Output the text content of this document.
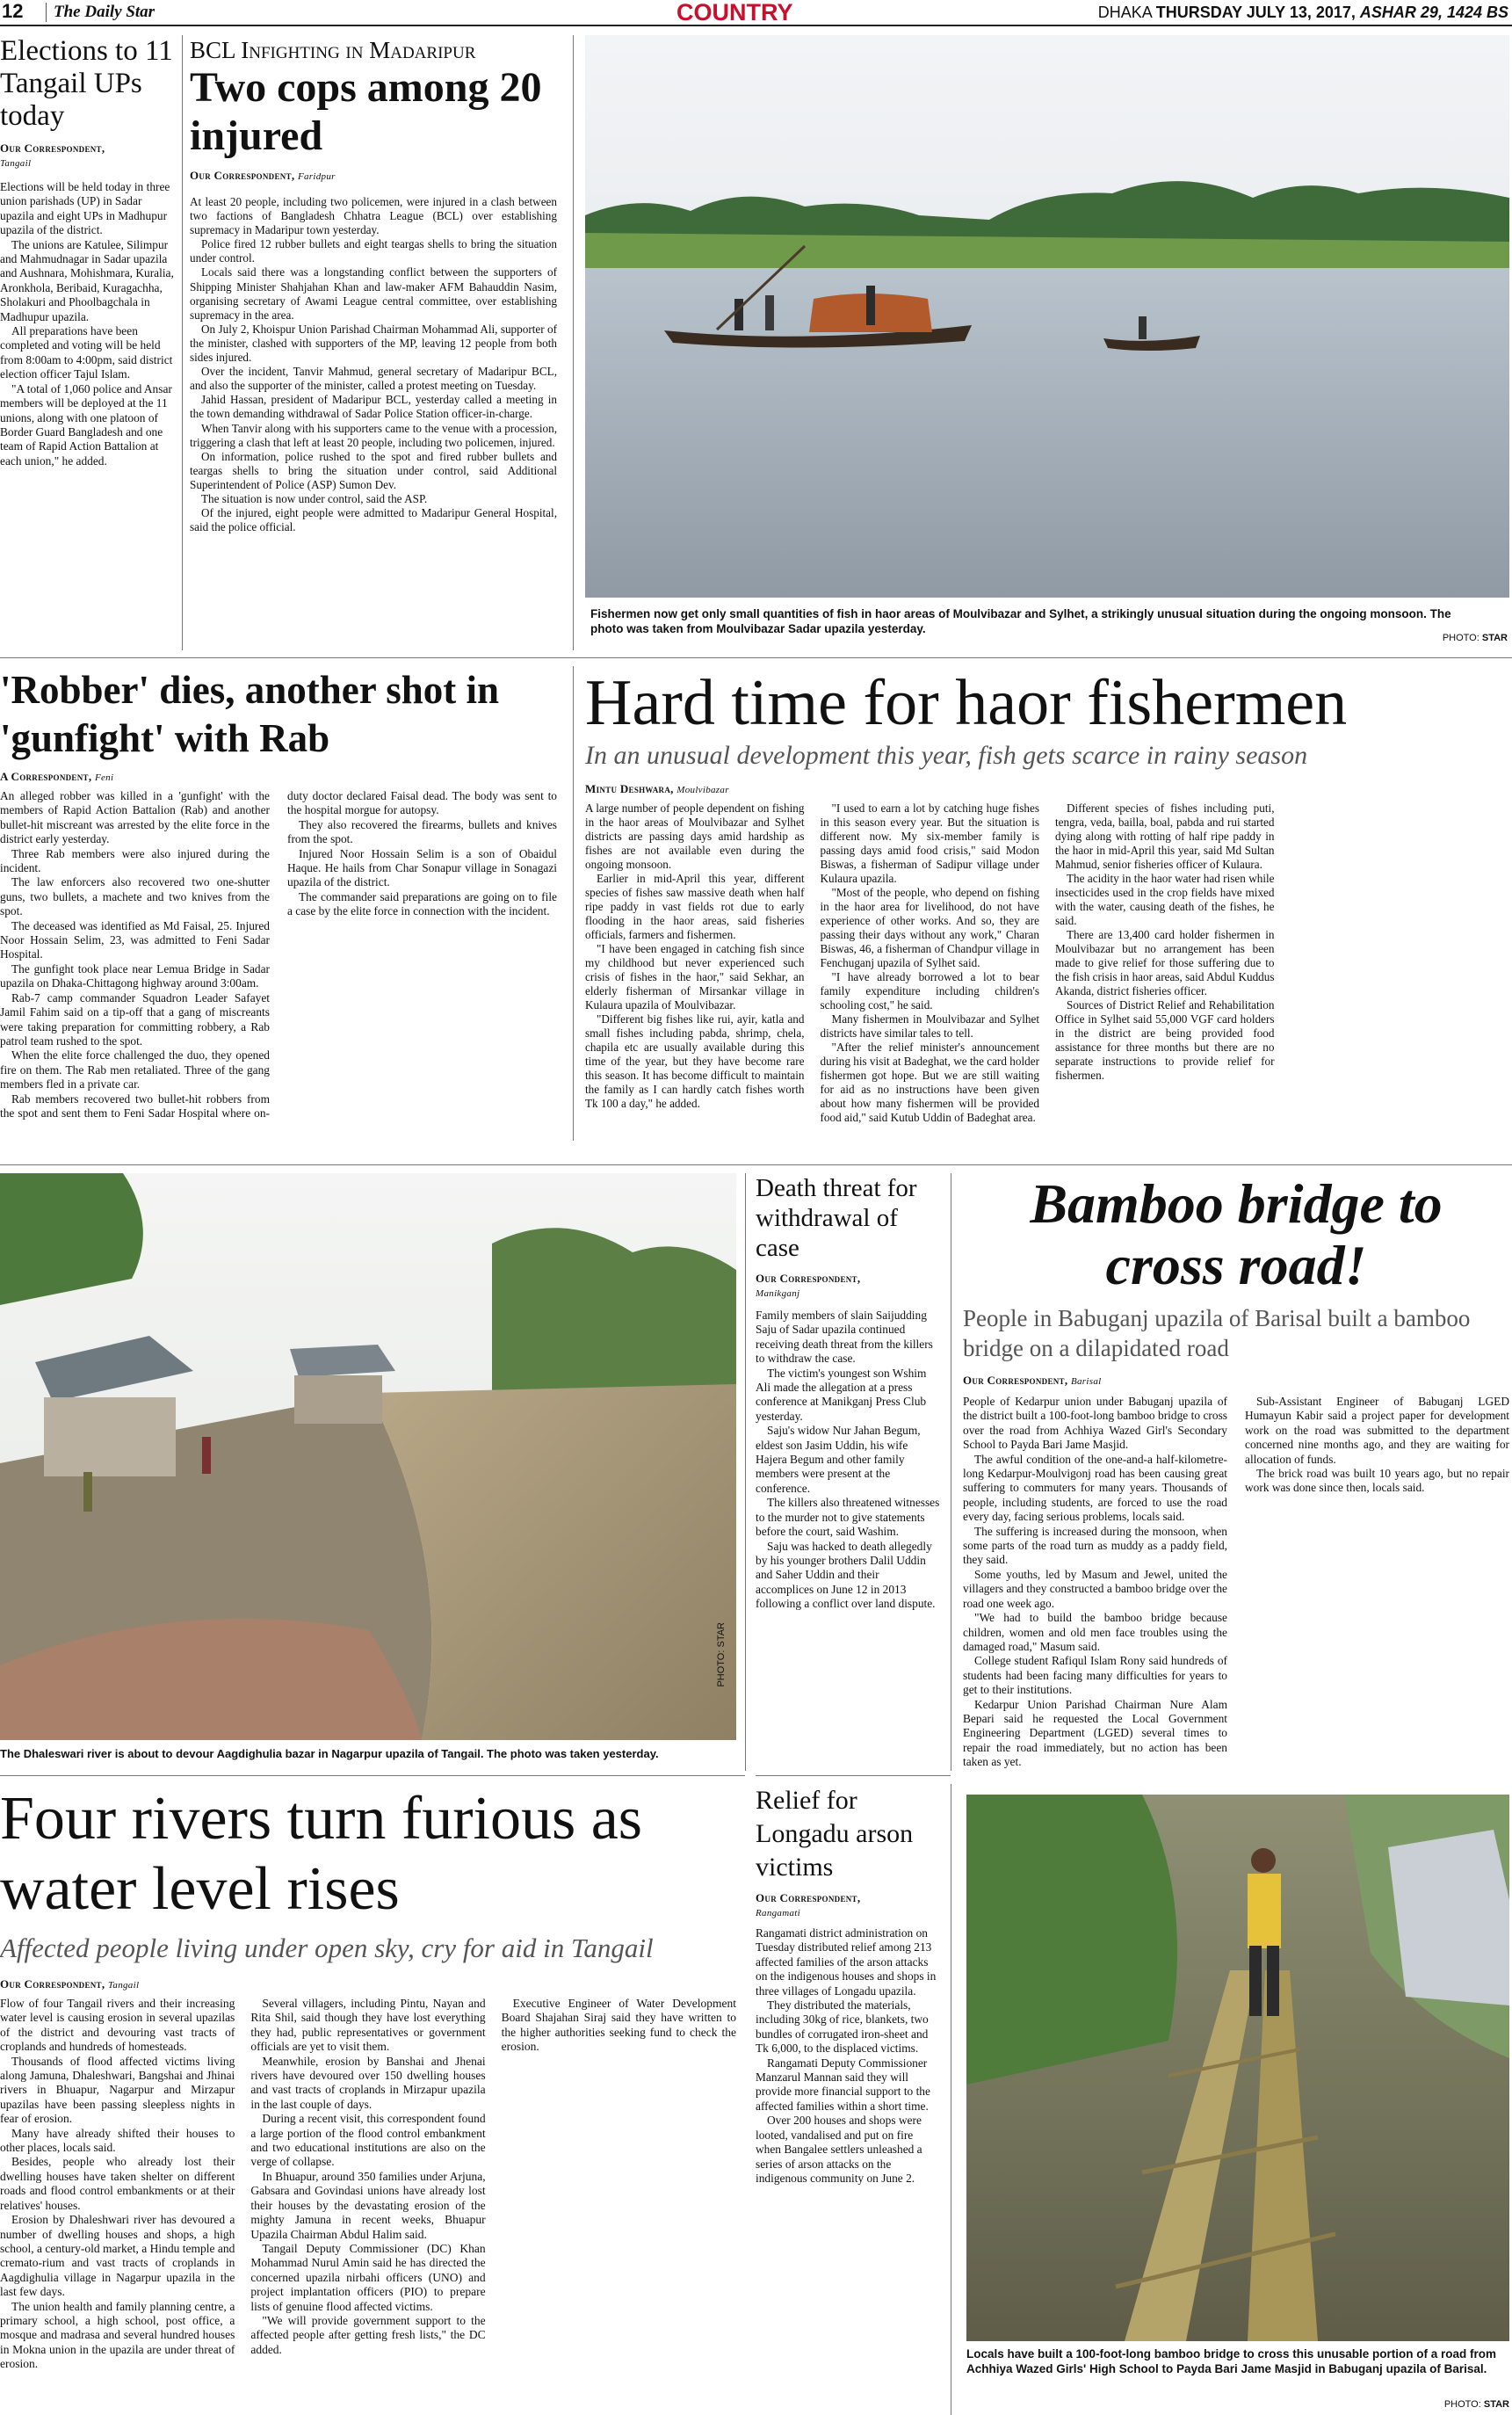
12	The Daily Star	COUNTRY	DHAKA THURSDAY JULY 13, 2017, ASHAR 29, 1424 BS
Elections to 11 Tangail UPs today
Our Correspondent,
Tangail

Elections will be held today in three union parishads (UP) in Sadar upazila and eight UPs in Madhupur upazila of the district.

The unions are Katulee, Silimpur and Mahmudnagar in Sadar upazila and Aushnara, Mohishmara, Kuralia, Aronkhola, Beribaid, Kuragachha, Sholakuri and Phoolbagchala in Madhupur upazila.

All preparations have been completed and voting will be held from 8:00am to 4:00pm, said district election officer Tajul Islam.

"A total of 1,060 police and Ansar members will be deployed at the 11 unions, along with one platoon of Border Guard Bangladesh and one team of Rapid Action Battalion at each union," he added.

BCL Infighting in Madaripur
Two cops among 20 injured
Our Correspondent, Faridpur

At least 20 people, including two policemen, were injured in a clash between two factions of Bangladesh Chhatra League (BCL) over establishing supremacy in Madaripur town yesterday.

Police fired 12 rubber bullets and eight teargas shells to bring the situation under control.

Locals said there was a longstanding conflict between the supporters of Shipping Minister Shahjahan Khan and law-maker AFM Bahauddin Nasim, organising secretary of Awami League central committee, over establishing supremacy in the area.

On July 2, Khoispur Union Parishad Chairman Mohammad Ali, supporter of the minister, clashed with supporters of the MP, leaving 12 people from both sides injured.

Over the incident, Tanvir Mahmud, general secretary of Madaripur BCL, and also the supporter of the minister, called a protest meeting on Tuesday.

Jahid Hassan, president of Madaripur BCL, yesterday called a meeting in the town demanding withdrawal of Sadar Police Station officer-in-charge.

When Tanvir along with his supporters came to the venue with a procession, triggering a clash that left at least 20 people, including two policemen, injured.

On information, police rushed to the spot and fired rubber bullets and teargas shells to bring the situation under control, said Additional Superintendent of Police (ASP) Sumon Dev.

The situation is now under control, said the ASP.

Of the injured, eight people were admitted to Madaripur General Hospital, said the police official.

Fishermen now get only small quantities of fish in haor areas of Moulvibazar and Sylhet, a strikingly unusual situation during the ongoing monsoon. The photo was taken from Moulvibazar Sadar upazila yesterday.
PHOTO: STAR
'Robber' dies, another shot in 'gunfight' with Rab
A Correspondent, Feni

An alleged robber was killed in a 'gunfight' with the members of Rapid Action Battalion (Rab) and another bullet-hit miscreant was arrested by the elite force in the district early yesterday.

Three Rab members were also injured during the incident.

The law enforcers also recovered two one-shutter guns, two bullets, a machete and two knives from the spot.

The deceased was identified as Md Faisal, 25. Injured Noor Hossain Selim, 23, was admitted to Feni Sadar Hospital.

The gunfight took place near Lemua Bridge in Sadar upazila on Dhaka-Chittagong highway around 3:00am.

Rab-7 camp commander Squadron Leader Safayet Jamil Fahim said on a tip-off that a gang of miscreants were taking preparation for committing robbery, a Rab patrol team rushed to the spot.

When the elite force challenged the duo, they opened fire on them. The Rab men retaliated. Three of the gang members fled in a private car.

Rab members recovered two bullet-hit robbers from the spot and sent them to Feni Sadar Hospital where on-duty doctor declared Faisal dead. The body was sent to the hospital morgue for autopsy.

They also recovered the firearms, bullets and knives from the spot.

Injured Noor Hossain Selim is a son of Obaidul Haque. He hails from Char Sonapur village in Sonagazi upazila of the district.

The commander said preparations are going on to file a case by the elite force in connection with the incident.

Hard time for haor fishermen
In an unusual development this year, fish gets scarce in rainy season
Mintu Deshwara, Moulvibazar

A large number of people dependent on fishing in the haor areas of Moulvibazar and Sylhet districts are passing days amid hardship as fishes are not available even during the ongoing monsoon.

Earlier in mid-April this year, different species of fishes saw massive death when half ripe paddy in vast fields rot due to early flooding in the haor areas, said fisheries officials, farmers and fishermen.

"I have been engaged in catching fish since my childhood but never experienced such crisis of fishes in the haor," said Sekhar, an elderly fisherman of Mirsankar village in Kulaura upazila of Moulvibazar.

"Different big fishes like rui, ayir, katla and small fishes including pabda, shrimp, chela, chapila etc are usually available during this time of the year, but they have become rare this season. It has become difficult to maintain the family as I can hardly catch fishes worth Tk 100 a day," he added.

"I used to earn a lot by catching huge fishes in this season every year. But the situation is different now. My six-member family is passing days amid food crisis," said Modon Biswas, a fisherman of Sadipur village under Kulaura upazila.

"Most of the people, who depend on fishing in the haor area for livelihood, do not have experience of other works. And so, they are passing their days without any work," Charan Biswas, 46, a fisherman of Chandpur village in Fenchuganj upazila of Sylhet said.

"I have already borrowed a lot to bear family expenditure including children's schooling cost," he said.

Many fishermen in Moulvibazar and Sylhet districts have similar tales to tell.

"After the relief minister's announcement during his visit at Badeghat, we the card holder fishermen got hope. But we are still waiting for aid as no instructions have been given about how many fishermen will be provided food aid," said Kutub Uddin of Badeghat area.

Different species of fishes including puti, tengra, veda, bailla, boal, pabda and rui started dying along with rotting of half ripe paddy in the haor in mid-April this year, said Md Sultan Mahmud, senior fisheries officer of Kulaura.

The acidity in the haor water had risen while insecticides used in the crop fields have mixed with the water, causing death of the fishes, he said.

There are 13,400 card holder fishermen in Moulvibazar but no arrangement has been made to give relief for those suffering due to the fish crisis in haor areas, said Abdul Kuddus Akanda, district fisheries officer.

Sources of District Relief and Rehabilitation Office in Sylhet said 55,000 VGF card holders in the district are being provided food assistance for three months but there are no separate instructions to provide relief for fishermen.

PHOTO: STAR
The Dhaleswari river is about to devour Aagdighulia bazar in Nagarpur upazila of Tangail. The photo was taken yesterday.
Death threat for withdrawal of case
Our Correspondent,
Manikganj

Family members of slain Saijudding Saju of Sadar upazila continued receiving death threat from the killers to withdraw the case.

The victim's youngest son Wshim Ali made the allegation at a press conference at Manikganj Press Club yesterday.

Saju's widow Nur Jahan Begum, eldest son Jasim Uddin, his wife Hajera Begum and other family members were present at the conference.

The killers also threatened witnesses to the murder not to give statements before the court, said Washim.

Saju was hacked to death allegedly by his younger brothers Dalil Uddin and Saher Uddin and their accomplices on June 12 in 2013 following a conflict over land dispute.

Bamboo bridge to
cross road!
People in Babuganj upazila of Barisal built a bamboo bridge on a dilapidated road
Our Correspondent, Barisal

People of Kedarpur union under Babuganj upazila of the district built a 100-foot-long bamboo bridge to cross over the road from Achhiya Wazed Girl's Secondary School to Payda Bari Jame Masjid.

The awful condition of the one-and-a half-kilometre-long Kedarpur-Moulvigonj road has been causing great suffering to commuters for many years. Thousands of people, including students, are forced to use the road every day, facing serious problems, locals said.

The suffering is increased during the monsoon, when some parts of the road turn as muddy as a paddy field, they said.

Some youths, led by Masum and Jewel, united the villagers and they constructed a bamboo bridge over the road one week ago.

"We had to build the bamboo bridge because children, women and old men face troubles using the damaged road," Masum said.

College student Rafiqul Islam Rony said hundreds of students had been facing many difficulties for years to get to their institutions.

Kedarpur Union Parishad Chairman Nure Alam Bepari said he requested the Local Government Engineering Department (LGED) several times to repair the road immediately, but no action has been taken as yet.

Sub-Assistant Engineer of Babuganj LGED Humayun Kabir said a project paper for development work on the road was submitted to the department concerned nine months ago, and they are waiting for allocation of funds.

The brick road was built 10 years ago, but no repair work was done since then, locals said.

Four rivers turn furious as water level rises
Affected people living under open sky, cry for aid in Tangail
Our Correspondent, Tangail

Flow of four Tangail rivers and their increasing water level is causing erosion in several upazilas of the district and devouring vast tracts of croplands and hundreds of homesteads.

Thousands of flood affected victims living along Jamuna, Dhaleshwari, Bangshai and Jhinai rivers in Bhuapur, Nagarpur and Mirzapur upazilas have been passing sleepless nights in fear of erosion.

Many have already shifted their houses to other places, locals said.

Besides, people who already lost their dwelling houses have taken shelter on different roads and flood control embankments or at their relatives' houses.

Erosion by Dhaleshwari river has devoured a number of dwelling houses and shops, a high school, a century-old market, a Hindu temple and cremato-rium and vast tracts of croplands in Aagdighulia village in Nagarpur upazila in the last few days.

The union health and family planning centre, a primary school, a high school, post office, a mosque and madrasa and several hundred houses in Mokna union in the upazila are under threat of erosion.

Several villagers, including Pintu, Nayan and Rita Shil, said though they have lost everything they had, public representatives or government officials are yet to visit them.

Meanwhile, erosion by Banshai and Jhenai rivers have devoured over 150 dwelling houses and vast tracts of croplands in Mirzapur upazila in the last couple of days.

During a recent visit, this correspondent found a large portion of the flood control embankment and two educational institutions are also on the verge of collapse.

In Bhuapur, around 350 families under Arjuna, Gabsara and Govindasi unions have already lost their houses by the devastating erosion of the mighty Jamuna in recent weeks, Bhuapur Upazila Chairman Abdul Halim said.

Tangail Deputy Commissioner (DC) Khan Mohammad Nurul Amin said he has directed the concerned upazila nirbahi officers (UNO) and project implantation officers (PIO) to prepare lists of genuine flood affected victims.

"We will provide government support to the affected people after getting fresh lists," the DC added.

Executive Engineer of Water Development Board Shajahan Siraj said they have written to the higher authorities seeking fund to check the erosion.

Relief for Longadu arson victims
Our Correspondent,
Rangamati

Rangamati district administration on Tuesday distributed relief among 213 affected families of the arson attacks on the indigenous houses and shops in three villages of Longadu upazila.

They distributed the materials, including 30kg of rice, blankets, two bundles of corrugated iron-sheet and Tk 6,000, to the displaced victims.

Rangamati Deputy Commissioner Manzarul Mannan said they will provide more financial support to the affected families within a short time.

Over 200 houses and shops were looted, vandalised and put on fire when Bangalee settlers unleashed a series of arson attacks on the indigenous community on June 2.

Locals have built a 100-foot-long bamboo bridge to cross this unusable portion of a road from Achhiya Wazed Girls' High School to Payda Bari Jame Masjid in Babuganj upazila of Barisal.
PHOTO: STAR
